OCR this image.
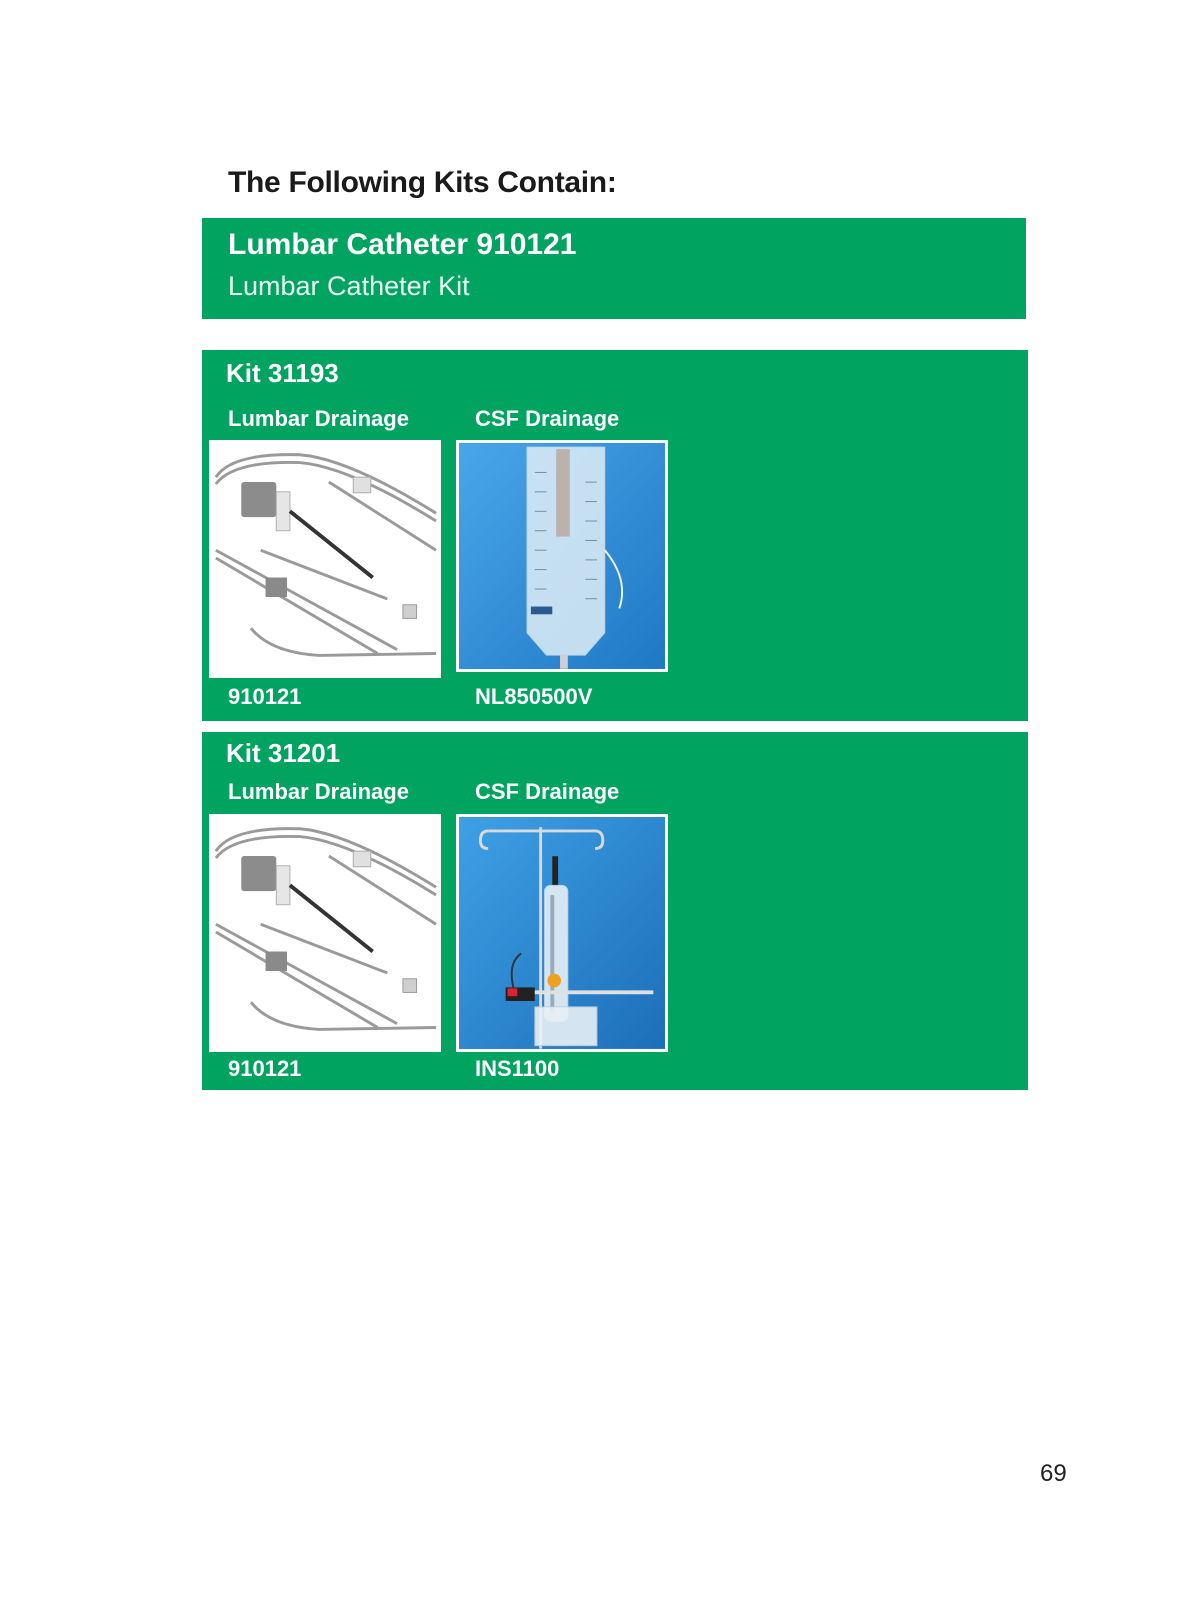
The Following Kits Contain:
Lumbar Catheter 910121
Lumbar Catheter Kit
Kit 31193
Lumbar Drainage	CSF Drainage
910121	NL850500V
Kit 31201
Lumbar Drainage	CSF Drainage
910121	INS1100
69
